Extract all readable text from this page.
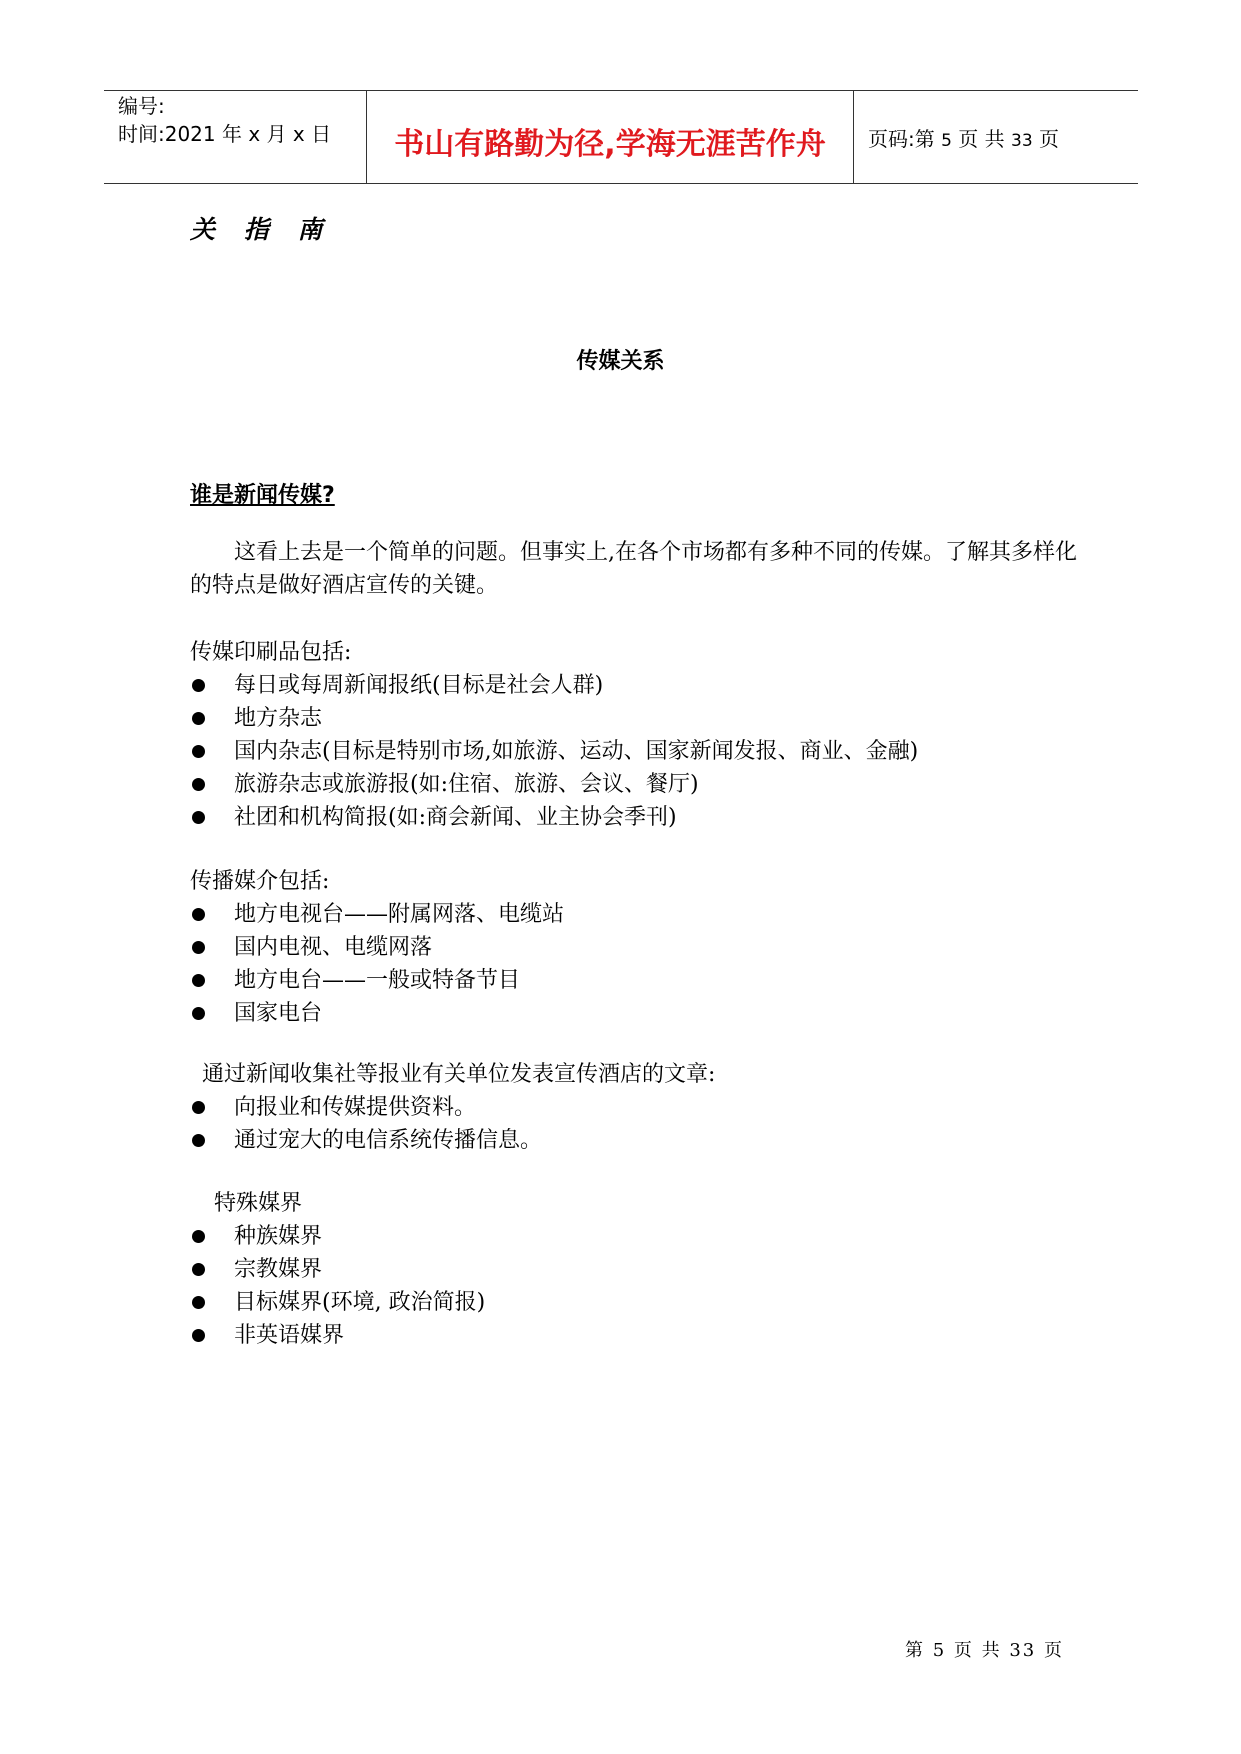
编号:
时间:2021 年 x 月 x 日	书山有路勤为径,学海无涯苦作舟	页码:第 5 页 共 33 页
关 指 南
传媒关系
谁是新闻传媒?
这看上去是一个简单的问题。但事实上,在各个市场都有多种不同的传媒。了解其多样化的特点是做好酒店宣传的关键。
传媒印刷品包括:
每日或每周新闻报纸(目标是社会人群)
地方杂志
国内杂志(目标是特别市场,如旅游、运动、国家新闻发报、商业、金融)
旅游杂志或旅游报(如:住宿、旅游、会议、餐厅)
社团和机构简报(如:商会新闻、业主协会季刊)
传播媒介包括:
地方电视台——附属网落、电缆站
国内电视、电缆网落
地方电台——一般或特备节目
国家电台
通过新闻收集社等报业有关单位发表宣传酒店的文章:
向报业和传媒提供资料。
通过宠大的电信系统传播信息。
特殊媒界
种族媒界
宗教媒界
目标媒界(环境, 政治简报)
非英语媒界
第 5 页 共 33 页
